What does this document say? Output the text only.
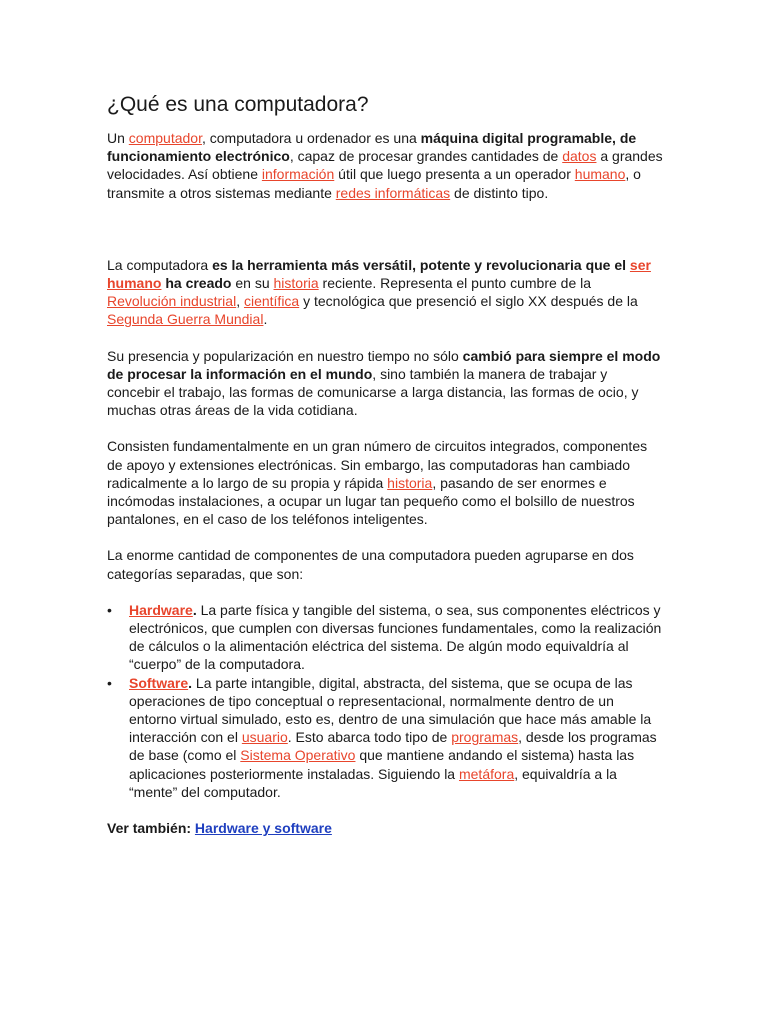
¿Qué es una computadora?

Un computador, computadora u ordenador es una máquina digital programable, de funcionamiento electrónico, capaz de procesar grandes cantidades de datos a grandes velocidades. Así obtiene información útil que luego presenta a un operador humano, o transmite a otros sistemas mediante redes informáticas de distinto tipo.

La computadora es la herramienta más versátil, potente y revolucionaria que el ser humano ha creado en su historia reciente. Representa el punto cumbre de la Revolución industrial, científica y tecnológica que presenció el siglo XX después de la Segunda Guerra Mundial.

Su presencia y popularización en nuestro tiempo no sólo cambió para siempre el modo de procesar la información en el mundo, sino también la manera de trabajar y concebir el trabajo, las formas de comunicarse a larga distancia, las formas de ocio, y muchas otras áreas de la vida cotidiana.

Consisten fundamentalmente en un gran número de circuitos integrados, componentes de apoyo y extensiones electrónicas. Sin embargo, las computadoras han cambiado radicalmente a lo largo de su propia y rápida historia, pasando de ser enormes e incómodas instalaciones, a ocupar un lugar tan pequeño como el bolsillo de nuestros pantalones, en el caso de los teléfonos inteligentes.

La enorme cantidad de componentes de una computadora pueden agruparse en dos categorías separadas, que son:

• Hardware. La parte física y tangible del sistema, o sea, sus componentes eléctricos y electrónicos, que cumplen con diversas funciones fundamentales, como la realización de cálculos o la alimentación eléctrica del sistema. De algún modo equivaldría al “cuerpo” de la computadora.
• Software. La parte intangible, digital, abstracta, del sistema, que se ocupa de las operaciones de tipo conceptual o representacional, normalmente dentro de un entorno virtual simulado, esto es, dentro de una simulación que hace más amable la interacción con el usuario. Esto abarca todo tipo de programas, desde los programas de base (como el Sistema Operativo que mantiene andando el sistema) hasta las aplicaciones posteriormente instaladas. Siguiendo la metáfora, equivaldría a la “mente” del computador.

Ver también: Hardware y software
